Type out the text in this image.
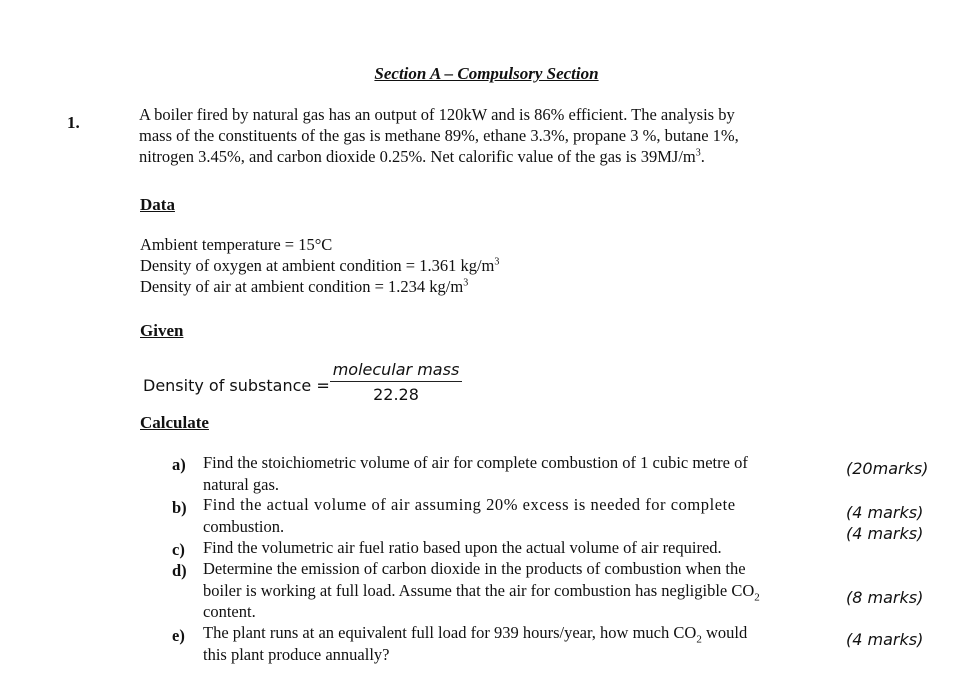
Section A – Compulsory Section
1.	A boiler fired by natural gas has an output of 120kW and is 86% efficient. The analysis by
mass of the constituents of the gas is methane 89%, ethane 3.3%, propane 3 %, butane 1%,
nitrogen 3.45%, and carbon dioxide 0.25%. Net calorific value of the gas is $39MJ/m^3$.
Data
Ambient temperature = 15°C
Density of oxygen at ambient condition = 1.361 $kg/m^3$
Density of air at ambient condition = 1.234 $kg/m^3$
Given
Density of substance =
molecular mass
22.28
Calculate
a) Find the stoichiometric volume of air for complete combustion of 1 cubic metre of
natural gas.
(20marks)
b) Find the actual volume of air assuming 20% excess is needed for complete
combustion.
(4 marks)
c) Find the volumetric air fuel ratio based upon the actual volume of air required.
(4 marks)
d) Determine the emission of carbon dioxide in the products of combustion when the
boiler is working at full load. Assume that the air for combustion has negligible $CO_2$
content.
(8 marks)
e) The plant runs at an equivalent full load for 939 hours/year, how much $CO_2$ would
this plant produce annually?
(4 marks)
